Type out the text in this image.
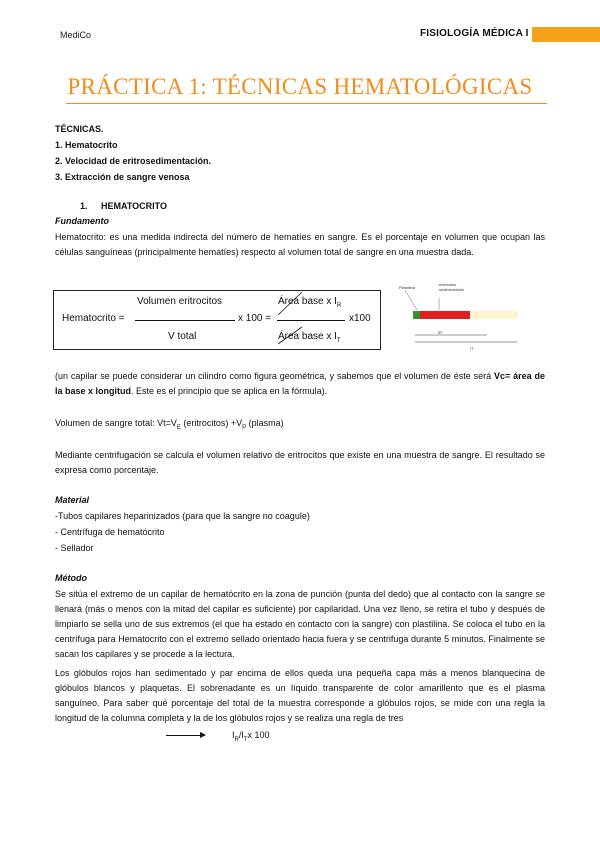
MediCo	FISIOLOGÍA MÉDICA I
PRÁCTICA 1: TÉCNICAS HEMATOLÓGICAS
TÉCNICAS.
1. Hematocrito
2. Velocidad de eritrosedimentación.
3. Extracción de sangre venosa
1. HEMATOCRITO
Fundamento
Hematocrito: es una medida indirecta del número de hematíes en sangre. Es el porcentaje en volumen que ocupan las células sanguíneas (principalmente hematíes) respecto al volumen total de sangre en una muestra dada.
Hematocrito =
Volumen eritrocitos
V total
x 100 =
Área base x $I_R$
Área base x $I_T$
x100
Plastilina
eritrocitos sedimentados
IR
IT
(un capilar se puede considerar un cilindro como figura geométrica, y sabemos que el volumen de éste será Vc= área de la base x longitud. Este es el principio que se aplica en la fórmula).
Volumen de sangre total: $Vt=V_E$ (eritrocitos) $+V_P$ (plasma)
Mediante centrifugación se calcula el volumen relativo de eritrocitos que existe en una muestra de sangre. El resultado se expresa como porcentaje.
Material
-Tubos capilares heparinizados (para que la sangre no coagule)
- Centrífuga de hematócrito
- Sellador
Método
Se sitúa el extremo de un capilar de hematócrito en la zona de punción (punta del dedo) que al contacto con la sangre se llenará (más o menos con la mitad del capilar es suficiente) por capilaridad. Una vez lleno, se retira el tubo y después de limpiarlo se sella uno de sus extremos (el que ha estado en contacto con la sangre) con plastilina. Se coloca el tubo en la centrífuga para Hematocrito con el extremo sellado orientado hacia fuera y se centrifuga durante 5 minutos. Finalmente se sacan los capilares y se procede a la lectura.
Los glóbulos rojos han sedimentado y par encima de ellos queda una pequeña capa más a menos blanquecina de glóbulos blancos y plaquetas. El sobrenadante es un líquido transparente de color amarillento que es el plasma sanguíneo. Para saber qué porcentaje del total de la muestra corresponde a glóbulos rojos, se mide con una regla la longitud de la columna completa y la de los glóbulos rojos y se realiza una regla de tres
$I_R/I_Tx$ 100
